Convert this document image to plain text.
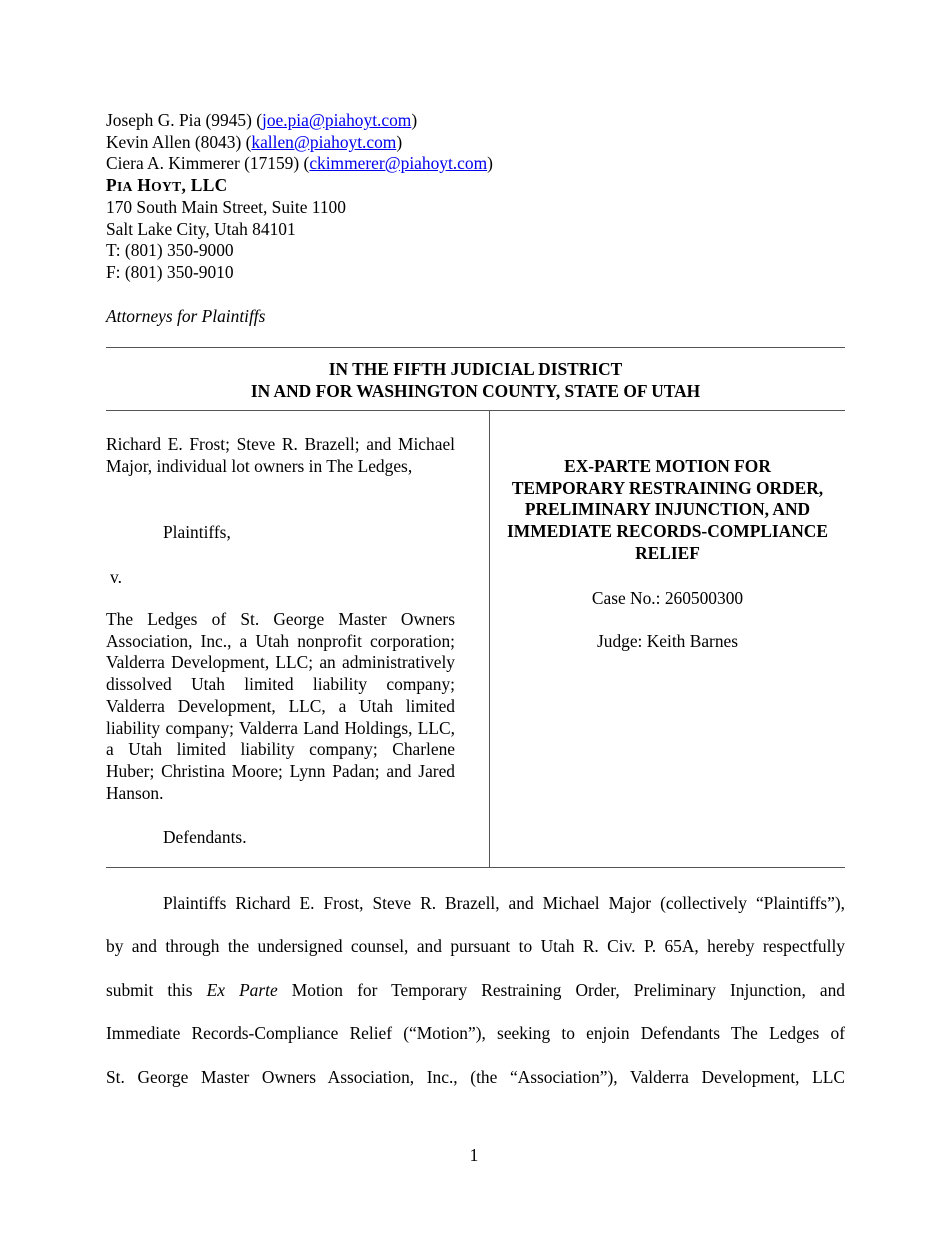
Joseph G. Pia (9945) (joe.pia@piahoyt.com)
Kevin Allen (8043) (kallen@piahoyt.com)
Ciera A. Kimmerer (17159) (ckimmerer@piahoyt.com)
PIA HOYT, LLC
170 South Main Street, Suite 1100
Salt Lake City, Utah 84101
T: (801) 350-9000
F: (801) 350-9010
Attorneys for Plaintiffs
IN THE FIFTH JUDICIAL DISTRICT
IN AND FOR WASHINGTON COUNTY, STATE OF UTAH
Richard E. Frost; Steve R. Brazell; and Michael Major, individual lot owners in The Ledges,
Plaintiffs,
v.
The Ledges of St. George Master Owners Association, Inc., a Utah nonprofit corporation; Valderra Development, LLC; an administratively dissolved Utah limited liability company; Valderra Development, LLC, a Utah limited liability company; Valderra Land Holdings, LLC, a Utah limited liability company; Charlene Huber; Christina Moore; Lynn Padan; and Jared Hanson.
Defendants.
EX-PARTE MOTION FOR
TEMPORARY RESTRAINING ORDER,
PRELIMINARY INJUNCTION, AND
IMMEDIATE RECORDS-COMPLIANCE
RELIEF
Case No.: 260500300
Judge: Keith Barnes
Plaintiffs Richard E. Frost, Steve R. Brazell, and Michael Major (collectively “Plaintiffs”),
by and through the undersigned counsel, and pursuant to Utah R. Civ. P. 65A, hereby respectfully
submit this Ex Parte Motion for Temporary Restraining Order, Preliminary Injunction, and
Immediate Records-Compliance Relief (“Motion”), seeking to enjoin Defendants The Ledges of
St. George Master Owners Association, Inc., (the “Association”), Valderra Development, LLC
1
